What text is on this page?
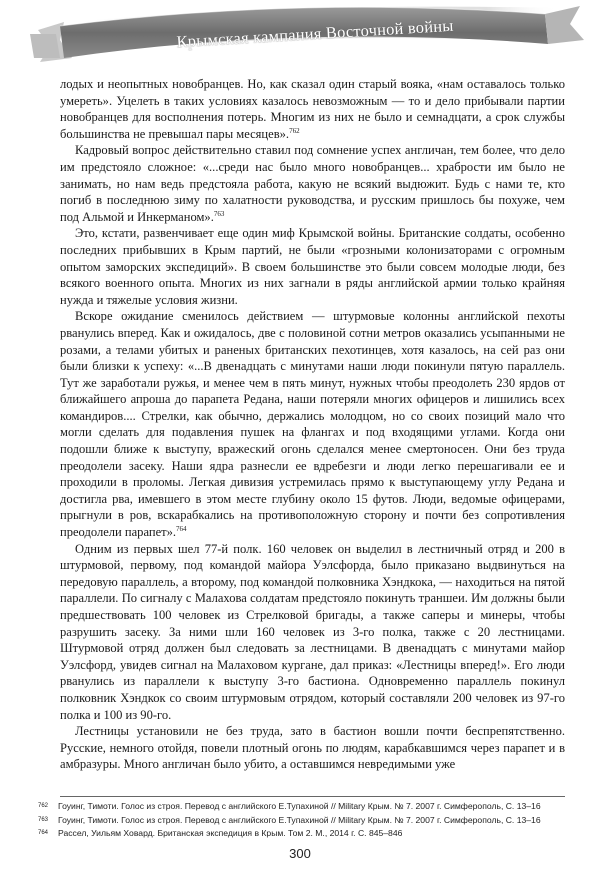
Крымская кампания Восточной войны

лодых и неопытных новобранцев. Но, как сказал один старый вояка, «нам оставалось только умереть». Уцелеть в таких условиях казалось невозможным — то и дело прибывали партии новобранцев для восполнения потерь. Многим из них не было и семнадцати, а срок службы большинства не превышал пары месяцев».$^{762}$

Кадровый вопрос действительно ставил под сомнение успех англичан, тем более, что дело им предстояло сложное: «...среди нас было много новобранцев... храбрости им было не занимать, но нам ведь предстояла работа, какую не всякий выдюжит. Будь с нами те, кто погиб в последнюю зиму по халатности руководства, и русским пришлось бы похуже, чем под Альмой и Инкерманом».$^{763}$

Это, кстати, развенчивает еще один миф Крымской войны. Британские солдаты, особенно последних прибывших в Крым партий, не были «грозными колонизаторами с огромным опытом заморских экспедиций». В своем большинстве это были совсем молодые люди, без всякого военного опыта. Многих из них загнали в ряды английской армии только крайняя нужда и тяжелые условия жизни.

Вскоре ожидание сменилось действием — штурмовые колонны английской пехоты рванулись вперед. Как и ожидалось, две с половиной сотни метров оказались усыпанными не розами, а телами убитых и раненых британских пехотинцев, хотя казалось, на сей раз они были близки к успеху: «...В двенадцать с минутами наши люди покинули пятую параллель. Тут же заработали ружья, и менее чем в пять минут, нужных чтобы преодолеть 230 ярдов от ближайшего апроша до парапета Редана, наши потеряли многих офицеров и лишились всех командиров.... Стрелки, как обычно, держались молодцом, но со своих позиций мало что могли сделать для подавления пушек на флангах и под входящими углами. Когда они подошли ближе к выступу, вражеский огонь сделался менее смертоносен. Они без труда преодолели засеку. Наши ядра разнесли ее вдребезги и люди легко перешагивали ее и проходили в проломы. Легкая дивизия устремилась прямо к выступающему углу Редана и достигла рва, имевшего в этом месте глубину около 15 футов. Люди, ведомые офицерами, прыгнули в ров, вскарабкались на противоположную сторону и почти без сопротивления преодолели парапет».$^{764}$

Одним из первых шел 77-й полк. 160 человек он выделил в лестничный отряд и 200 в штурмовой, первому, под командой майора Уэлсфорда, было приказано выдвинуться на передовую параллель, а второму, под командой полковника Хэндкока, — находиться на пятой параллели. По сигналу с Малахова солдатам предстояло покинуть траншеи. Им должны были предшествовать 100 человек из Стрелковой бригады, а также саперы и минеры, чтобы разрушить засеку. За ними шли 160 человек из 3-го полка, также с 20 лестницами. Штурмовой отряд должен был следовать за лестницами. В двенадцать с минутами майор Уэлсфорд, увидев сигнал на Малаховом кургане, дал приказ: «Лестницы вперед!». Его люди рванулись из параллели к выступу 3-го бастиона. Одновременно параллель покинул полковник Хэндкок со своим штурмовым отрядом, который составляли 200 человек из 97-го полка и 100 из 90-го.

Лестницы установили не без труда, зато в бастион вошли почти беспрепятственно. Русские, немного отойдя, повели плотный огонь по людям, карабкавшимся через парапет и в амбразуры. Много англичан было убито, а оставшимся невредимыми уже

762	Гоуинг, Тимоти. Голос из строя. Перевод с английского Е.Тупахиной // Military Крым. № 7. 2007 г. Симферополь, С. 13–16
763	Гоуинг, Тимоти. Голос из строя. Перевод с английского Е.Тупахиной // Military Крым. № 7. 2007 г. Симферополь, С. 13–16
764	Рассел, Уильям Ховард. Британская экспедиция в Крым. Том 2. М., 2014 г. С. 845–846
300
